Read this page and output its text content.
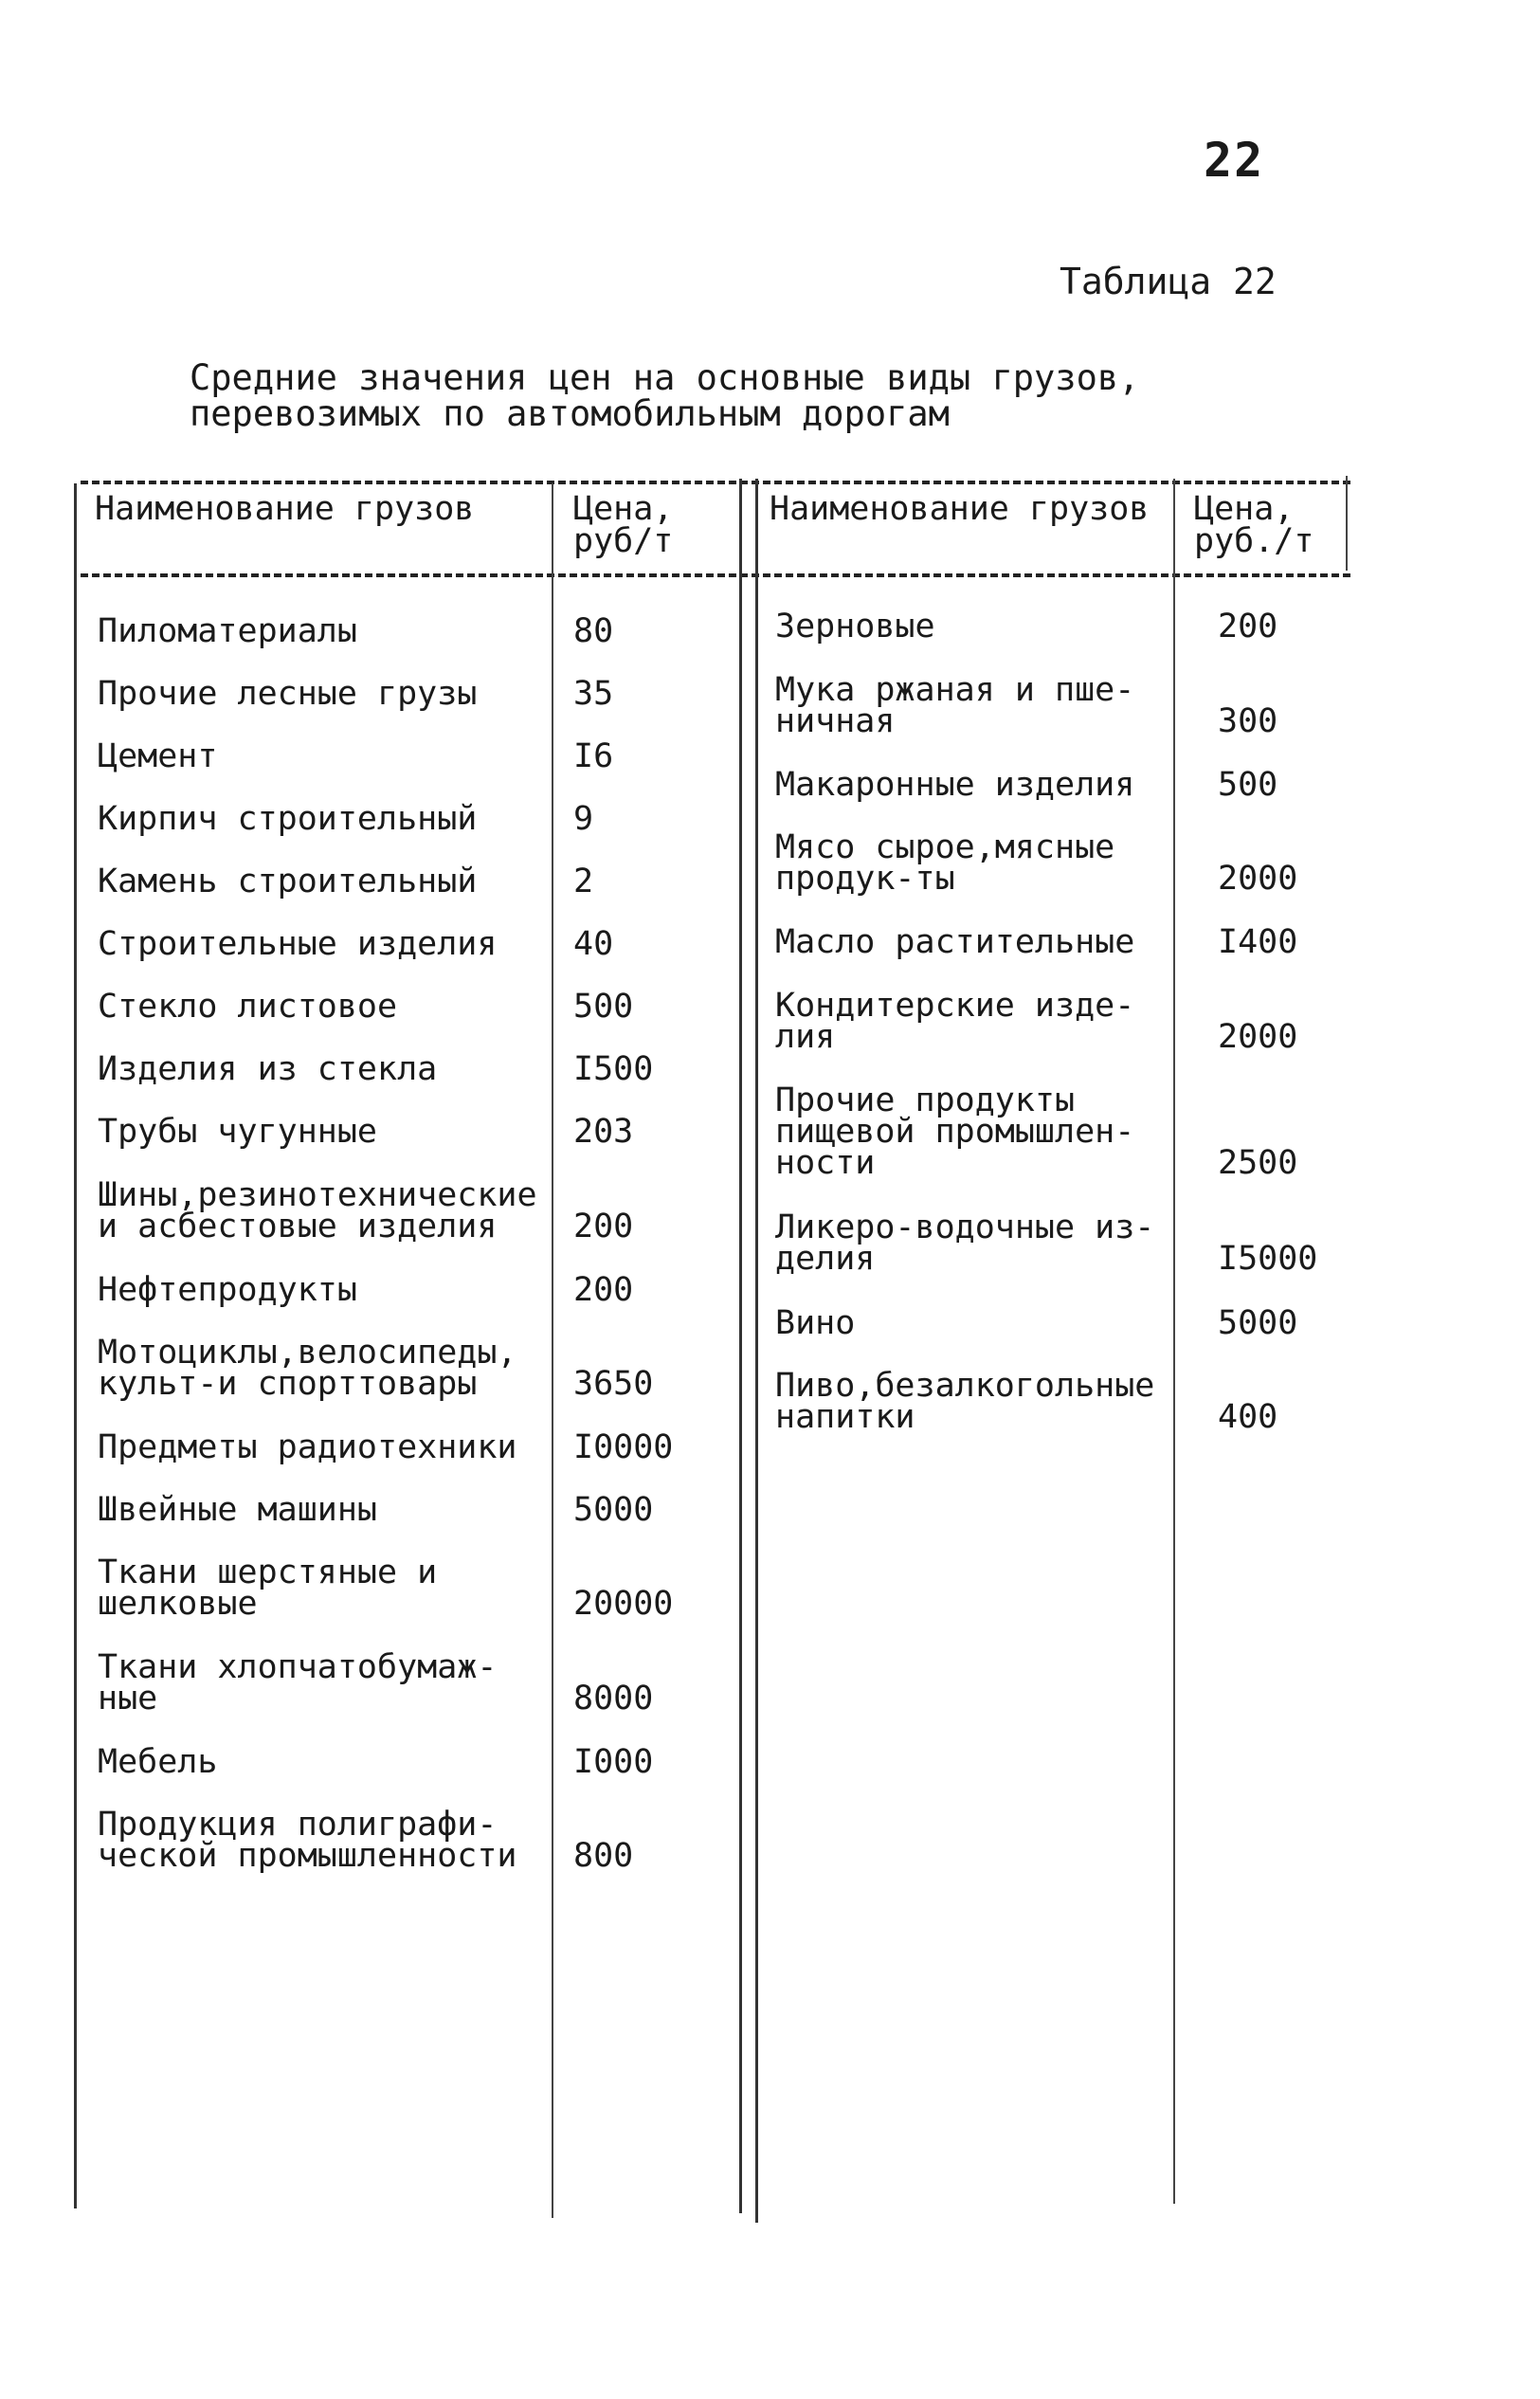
22
Таблица 22
Средние значения цен на основные виды грузов,
перевозимых по автомобильным дорогам
Наименование грузов	Цена,
руб/т
Наименование грузов Цена,
руб./т
Пиломатериалы	80
Прочие лесные грузы	35
Цемент	I6
Кирпич строительный	9
Камень строительный	2
Строительные изделия 40
Стекло листовое	500
Изделия из стекла	I500
Трубы чугунные	203
Шины,резинотехнические
и асбестовые изделия	200
Нефтепродукты	200
Мотоциклы,велосипеды,
культ-и спорттовары	3650
Предметы радиотехники I0000
Швейные машины	5000
Ткани шерстяные и
шелковые	20000
Ткани хлопчатобумаж-
ные	8000
Мебель	I000
Продукция полиграфи-
ческой промышленности 800
Зерновые	200
Мука ржаная и пше-
ничная	300
Макаронные изделия	500
Мясо сырое,мясные
продук-ты	2000
Масло растительные	I400
Кондитерские изде-
лия	2000
Прочие продукты
пищевой промышлен-
ности	2500
Ликеро-водочные из-
делия	I5000
Вино	5000
Пиво,безалкогольные
напитки	400
